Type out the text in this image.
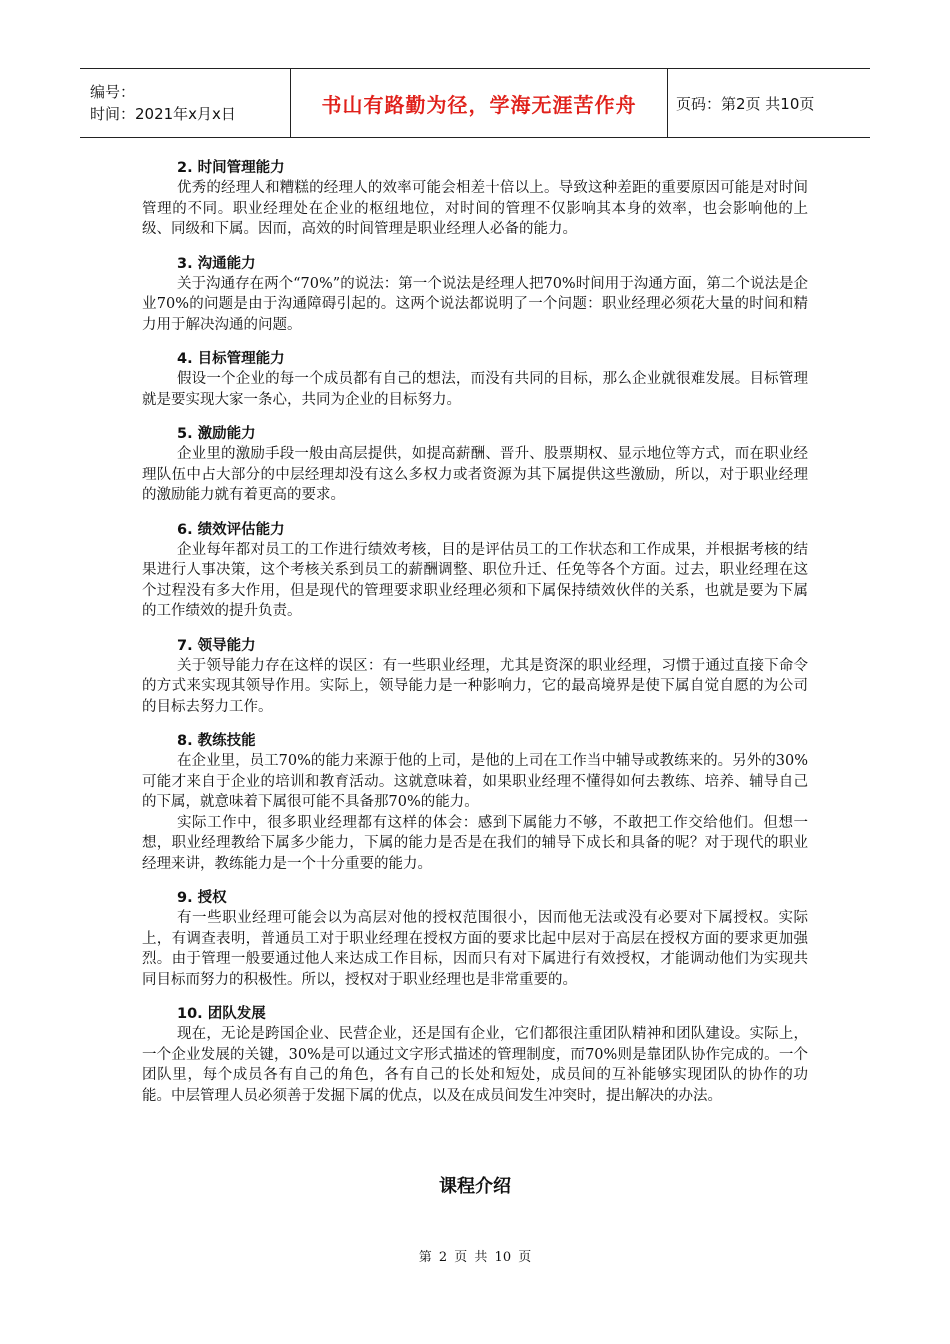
编号：
时间：2021年x月x日	书山有路勤为径，学海无涯苦作舟	页码：第2页 共10页
2. 时间管理能力

优秀的经理人和糟糕的经理人的效率可能会相差十倍以上。导致这种差距的重要原因可能是对时间管理的不同。职业经理处在企业的枢纽地位，对时间的管理不仅影响其本身的效率，也会影响他的上级、同级和下属。因而，高效的时间管理是职业经理人必备的能力。

3. 沟通能力

关于沟通存在两个“70%”的说法：第一个说法是经理人把70%时间用于沟通方面，第二个说法是企业70%的问题是由于沟通障碍引起的。这两个说法都说明了一个问题：职业经理必须花大量的时间和精力用于解决沟通的问题。

4. 目标管理能力

假设一个企业的每一个成员都有自己的想法，而没有共同的目标，那么企业就很难发展。目标管理就是要实现大家一条心，共同为企业的目标努力。

5. 激励能力

企业里的激励手段一般由高层提供，如提高薪酬、晋升、股票期权、显示地位等方式，而在职业经理队伍中占大部分的中层经理却没有这么多权力或者资源为其下属提供这些激励，所以，对于职业经理的激励能力就有着更高的要求。

6. 绩效评估能力

企业每年都对员工的工作进行绩效考核，目的是评估员工的工作状态和工作成果，并根据考核的结果进行人事决策，这个考核关系到员工的薪酬调整、职位升迁、任免等各个方面。过去，职业经理在这个过程没有多大作用，但是现代的管理要求职业经理必须和下属保持绩效伙伴的关系，也就是要为下属的工作绩效的提升负责。

7. 领导能力

关于领导能力存在这样的误区：有一些职业经理，尤其是资深的职业经理，习惯于通过直接下命令的方式来实现其领导作用。实际上，领导能力是一种影响力，它的最高境界是使下属自觉自愿的为公司的目标去努力工作。

8. 教练技能

在企业里，员工70%的能力来源于他的上司，是他的上司在工作当中辅导或教练来的。另外的30%可能才来自于企业的培训和教育活动。这就意味着，如果职业经理不懂得如何去教练、培养、辅导自己的下属，就意味着下属很可能不具备那70%的能力。

实际工作中，很多职业经理都有这样的体会：感到下属能力不够，不敢把工作交给他们。但想一想，职业经理教给下属多少能力，下属的能力是否是在我们的辅导下成长和具备的呢？对于现代的职业经理来讲，教练能力是一个十分重要的能力。

9. 授权

有一些职业经理可能会以为高层对他的授权范围很小，因而他无法或没有必要对下属授权。实际上，有调查表明，普通员工对于职业经理在授权方面的要求比起中层对于高层在授权方面的要求更加强烈。由于管理一般要通过他人来达成工作目标，因而只有对下属进行有效授权，才能调动他们为实现共同目标而努力的积极性。所以，授权对于职业经理也是非常重要的。

10. 团队发展

现在，无论是跨国企业、民营企业，还是国有企业，它们都很注重团队精神和团队建设。实际上，一个企业发展的关键，30%是可以通过文字形式描述的管理制度，而70%则是靠团队协作完成的。一个团队里，每个成员各有自己的角色，各有自己的长处和短处，成员间的互补能够实现团队的协作的功能。中层管理人员必须善于发掘下属的优点，以及在成员间发生冲突时，提出解决的办法。

课程介绍
第 2 页 共 10 页
